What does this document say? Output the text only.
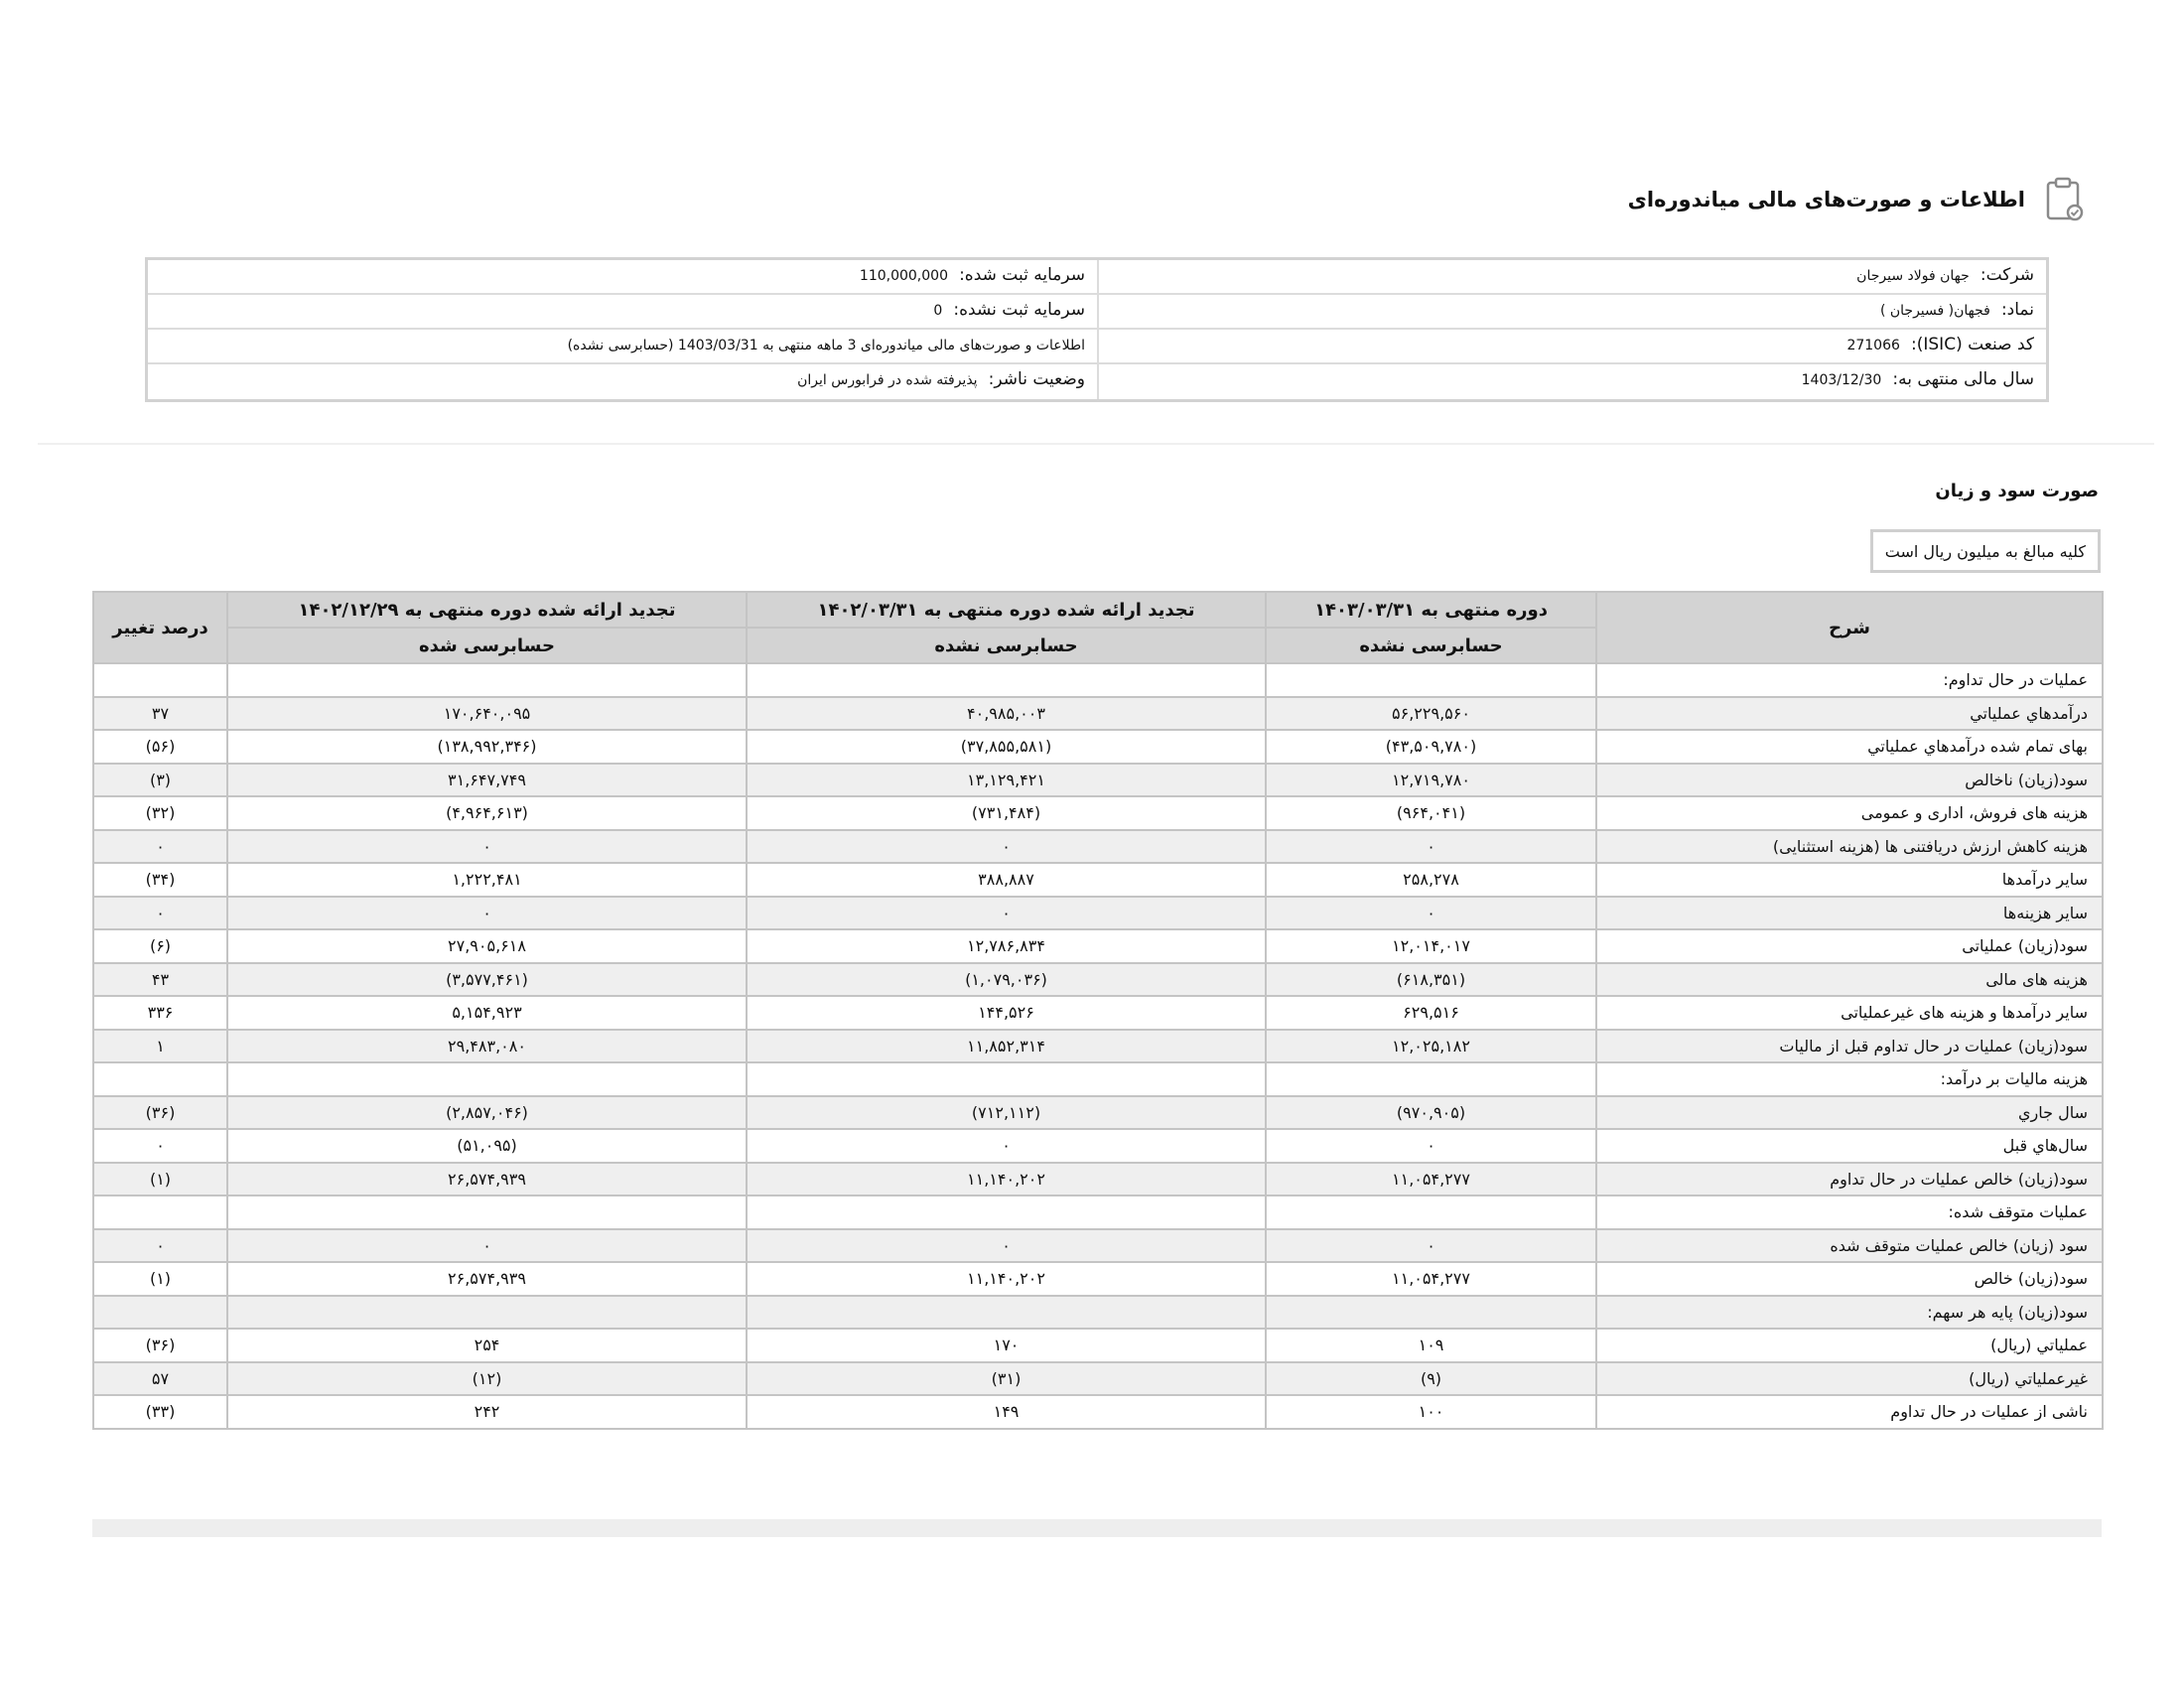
اطلاعات و صورت‌های مالی میاندوره‌ای
شرکت: جهان فولاد سیرجان
سرمایه ثبت شده: 110,000,000
نماد: فجهان( فسیرجان )
سرمایه ثبت نشده: 0
کد صنعت (ISIC): 271066
اطلاعات و صورت‌های مالی میاندوره‌ای 3 ماهه منتهی به 1403/03/31 (حسابرسی نشده)
سال مالی منتهی به: 1403/12/30
وضعیت ناشر: پذیرفته شده در فرابورس ایران
صورت سود و زیان
کلیه مبالغ به میلیون ریال است
شرح	دوره منتهی به ۱۴۰۳/۰۳/۳۱	تجدید ارائه شده دوره منتهی به ۱۴۰۲/۰۳/۳۱	تجدید ارائه شده دوره منتهی به ۱۴۰۲/۱۲/۲۹	درصد تغییر
	حسابرسی نشده	حسابرسی نشده	حسابرسی شده	
عملیات در حال تداوم:				
درآمدهاي عملياتي	۵۶,۲۲۹,۵۶۰	۴۰,۹۸۵,۰۰۳	۱۷۰,۶۴۰,۰۹۵	۳۷
بهاى تمام شده درآمدهاي عملياتي	(۴۳,۵۰۹,۷۸۰)	(۳۷,۸۵۵,۵۸۱)	(۱۳۸,۹۹۲,۳۴۶)	(۵۶)
سود(زيان) ناخالص	۱۲,۷۱۹,۷۸۰	۱۳,۱۲۹,۴۲۱	۳۱,۶۴۷,۷۴۹	(۳)
هزينه‏ هاى فروش، ادارى و عمومى	(۹۶۴,۰۴۱)	(۷۳۱,۴۸۴)	(۴,۹۶۴,۶۱۳)	(۳۲)
هزینه کاهش ارزش دریافتنی ها (هزینه استثنایی)	۰	۰	۰	۰
ساير درآمدها	۲۵۸,۲۷۸	۳۸۸,۸۸۷	۱,۲۲۲,۴۸۱	(۳۴)
سایر هزینه‌ها	۰	۰	۰	۰
سود(زيان) عملياتى	۱۲,۰۱۴,۰۱۷	۱۲,۷۸۶,۸۳۴	۲۷,۹۰۵,۶۱۸	(۶)
هزينه‏ هاى مالى	(۶۱۸,۳۵۱)	(۱,۰۷۹,۰۳۶)	(۳,۵۷۷,۴۶۱)	۴۳
ساير درآمدها و هزينه ‏هاى غيرعملياتى	۶۲۹,۵۱۶	۱۴۴,۵۲۶	۵,۱۵۴,۹۲۳	۳۳۶
سود(زيان) عمليات در حال تداوم قبل از ماليات	۱۲,۰۲۵,۱۸۲	۱۱,۸۵۲,۳۱۴	۲۹,۴۸۳,۰۸۰	۱
هزینه مالیات بر درآمد:				
سال جاري	(۹۷۰,۹۰۵)	(۷۱۲,۱۱۲)	(۲,۸۵۷,۰۴۶)	(۳۶)
سال‌هاي قبل	۰	۰	(۵۱,۰۹۵)	۰
سود(زيان) خالص عمليات در حال تداوم	۱۱,۰۵۴,۲۷۷	۱۱,۱۴۰,۲۰۲	۲۶,۵۷۴,۹۳۹	(۱)
عمليات متوقف شده:				
سود (زيان) خالص عمليات متوقف شده	۰	۰	۰	۰
سود(زيان) خالص	۱۱,۰۵۴,۲۷۷	۱۱,۱۴۰,۲۰۲	۲۶,۵۷۴,۹۳۹	(۱)
سود(زيان) پايه هر سهم:				
عملياتي (ريال)	۱۰۹	۱۷۰	۲۵۴	(۳۶)
غيرعملياتي (ريال)	(۹)	(۳۱)	(۱۲)	۵۷
ناشی از عملیات در حال تداوم	۱۰۰	۱۴۹	۲۴۲	(۳۳)
